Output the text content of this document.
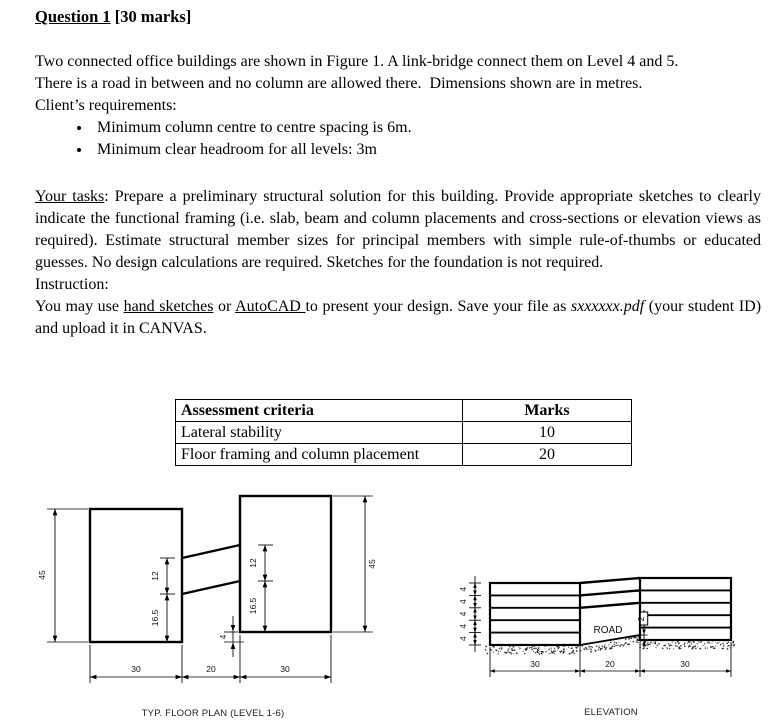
Question 1 [30 marks]

Two connected office buildings are shown in Figure 1. A link-bridge connect them on Level 4 and 5.
There is a road in between and no column are allowed there.  Dimensions shown are in metres.

Client’s requirements:

• Minimum column centre to centre spacing is 6m.
• Minimum clear headroom for all levels: 3m

Your tasks: Prepare a preliminary structural solution for this building. Provide appropriate sketches to clearly indicate the functional framing (i.e. slab, beam and column placements and cross-sections or elevation views as required). Estimate structural member sizes for principal members with simple rule-of-thumbs or educated guesses. No design calculations are required. Sketches for the foundation is not required.

Instruction:

You may use hand sketches or AutoCAD to present your design. Save your file as sxxxxxx.pdf (your student ID) and upload it in CANVAS.

Assessment criteria	Marks
Lateral stability	10
Floor framing and column placement	20
45
45
12
16.5
12
16.5
4
30	20	30
TYP. FLOOR PLAN (LEVEL 1-6)
4
4
4
4
4
ROAD
2
30	20	30
ELEVATION
